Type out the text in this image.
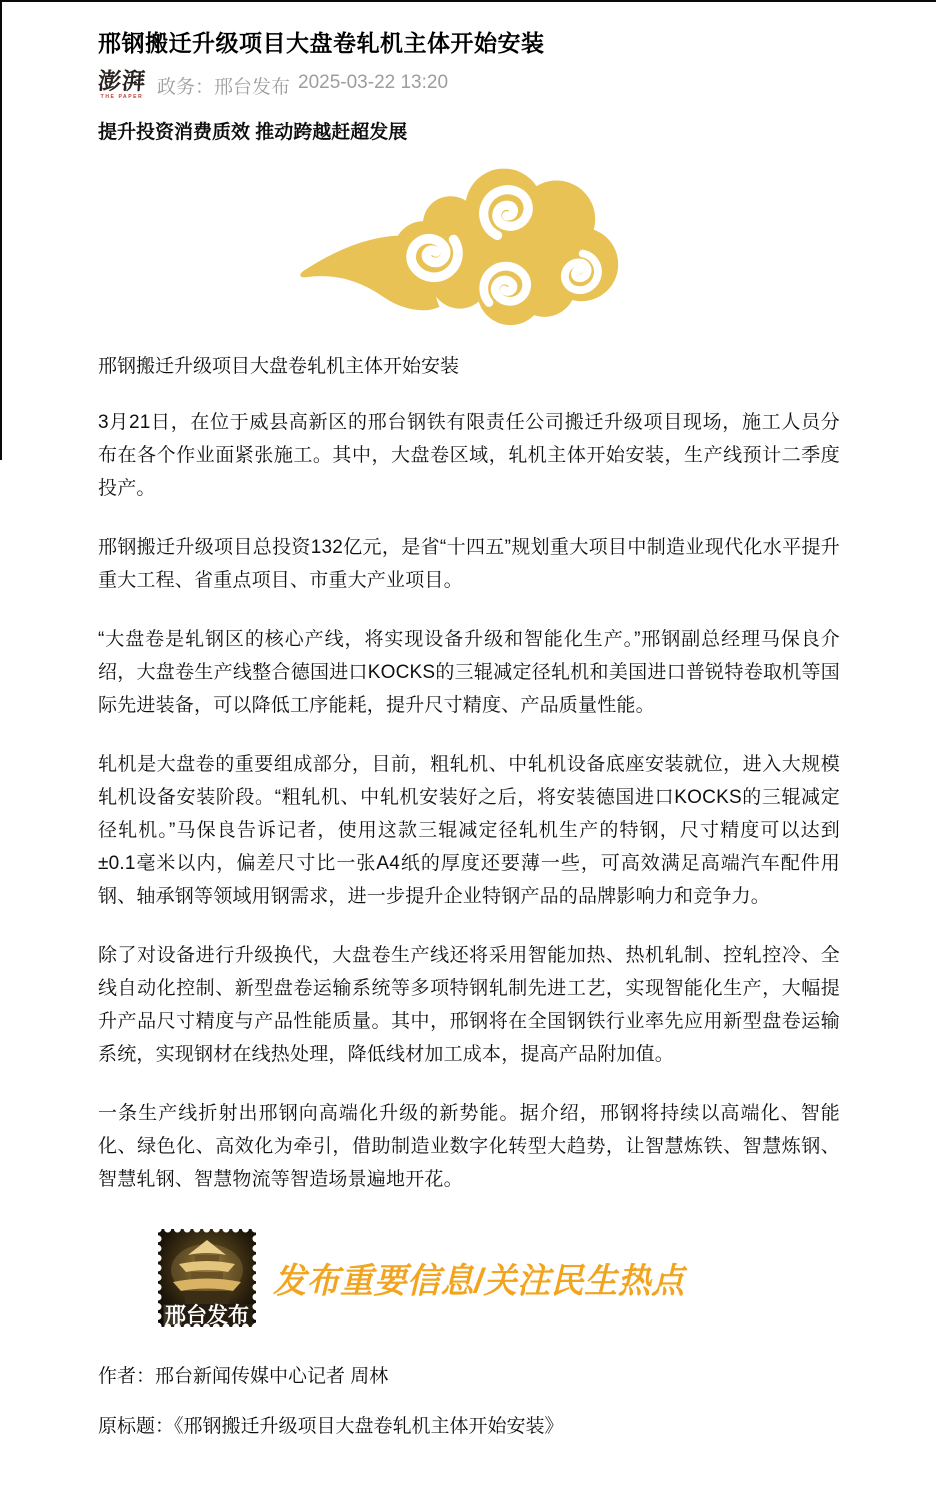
邢钢搬迁升级项目大盘卷轧机主体开始安装
澎湃
THE PAPER 政务：邢台发布 2025-03-22 13:20

提升投资消费质效 推动跨越赶超发展

邢钢搬迁升级项目大盘卷轧机主体开始安装

3月21日，在位于威县高新区的邢台钢铁有限责任公司搬迁升级项目现场，施工人员分布在各个作业面紧张施工。其中，大盘卷区域，轧机主体开始安装，生产线预计二季度投产。

邢钢搬迁升级项目总投资132亿元，是省“十四五”规划重大项目中制造业现代化水平提升重大工程、省重点项目、市重大产业项目。

“大盘卷是轧钢区的核心产线，将实现设备升级和智能化生产。”邢钢副总经理马保良介绍，大盘卷生产线整合德国进口KOCKS的三辊减定径轧机和美国进口普锐特卷取机等国际先进装备，可以降低工序能耗，提升尺寸精度、产品质量性能。

轧机是大盘卷的重要组成部分，目前，粗轧机、中轧机设备底座安装就位，进入大规模轧机设备安装阶段。“粗轧机、中轧机安装好之后，将安装德国进口KOCKS的三辊减定径轧机。”马保良告诉记者，使用这款三辊减定径轧机生产的特钢，尺寸精度可以达到±0.1毫米以内，偏差尺寸比一张A4纸的厚度还要薄一些，可高效满足高端汽车配件用钢、轴承钢等领域用钢需求，进一步提升企业特钢产品的品牌影响力和竞争力。

除了对设备进行升级换代，大盘卷生产线还将采用智能加热、热机轧制、控轧控冷、全线自动化控制、新型盘卷运输系统等多项特钢轧制先进工艺，实现智能化生产，大幅提升产品尺寸精度与产品性能质量。其中，邢钢将在全国钢铁行业率先应用新型盘卷运输系统，实现钢材在线热处理，降低线材加工成本，提高产品附加值。

一条生产线折射出邢钢向高端化升级的新势能。据介绍，邢钢将持续以高端化、智能化、绿色化、高效化为牵引，借助制造业数字化转型大趋势，让智慧炼铁、智慧炼钢、智慧轧钢、智慧物流等智造场景遍地开花。

邢台发布
发布重要信息/关注民生热点

作者：邢台新闻传媒中心记者 周林

原标题：《邢钢搬迁升级项目大盘卷轧机主体开始安装》
